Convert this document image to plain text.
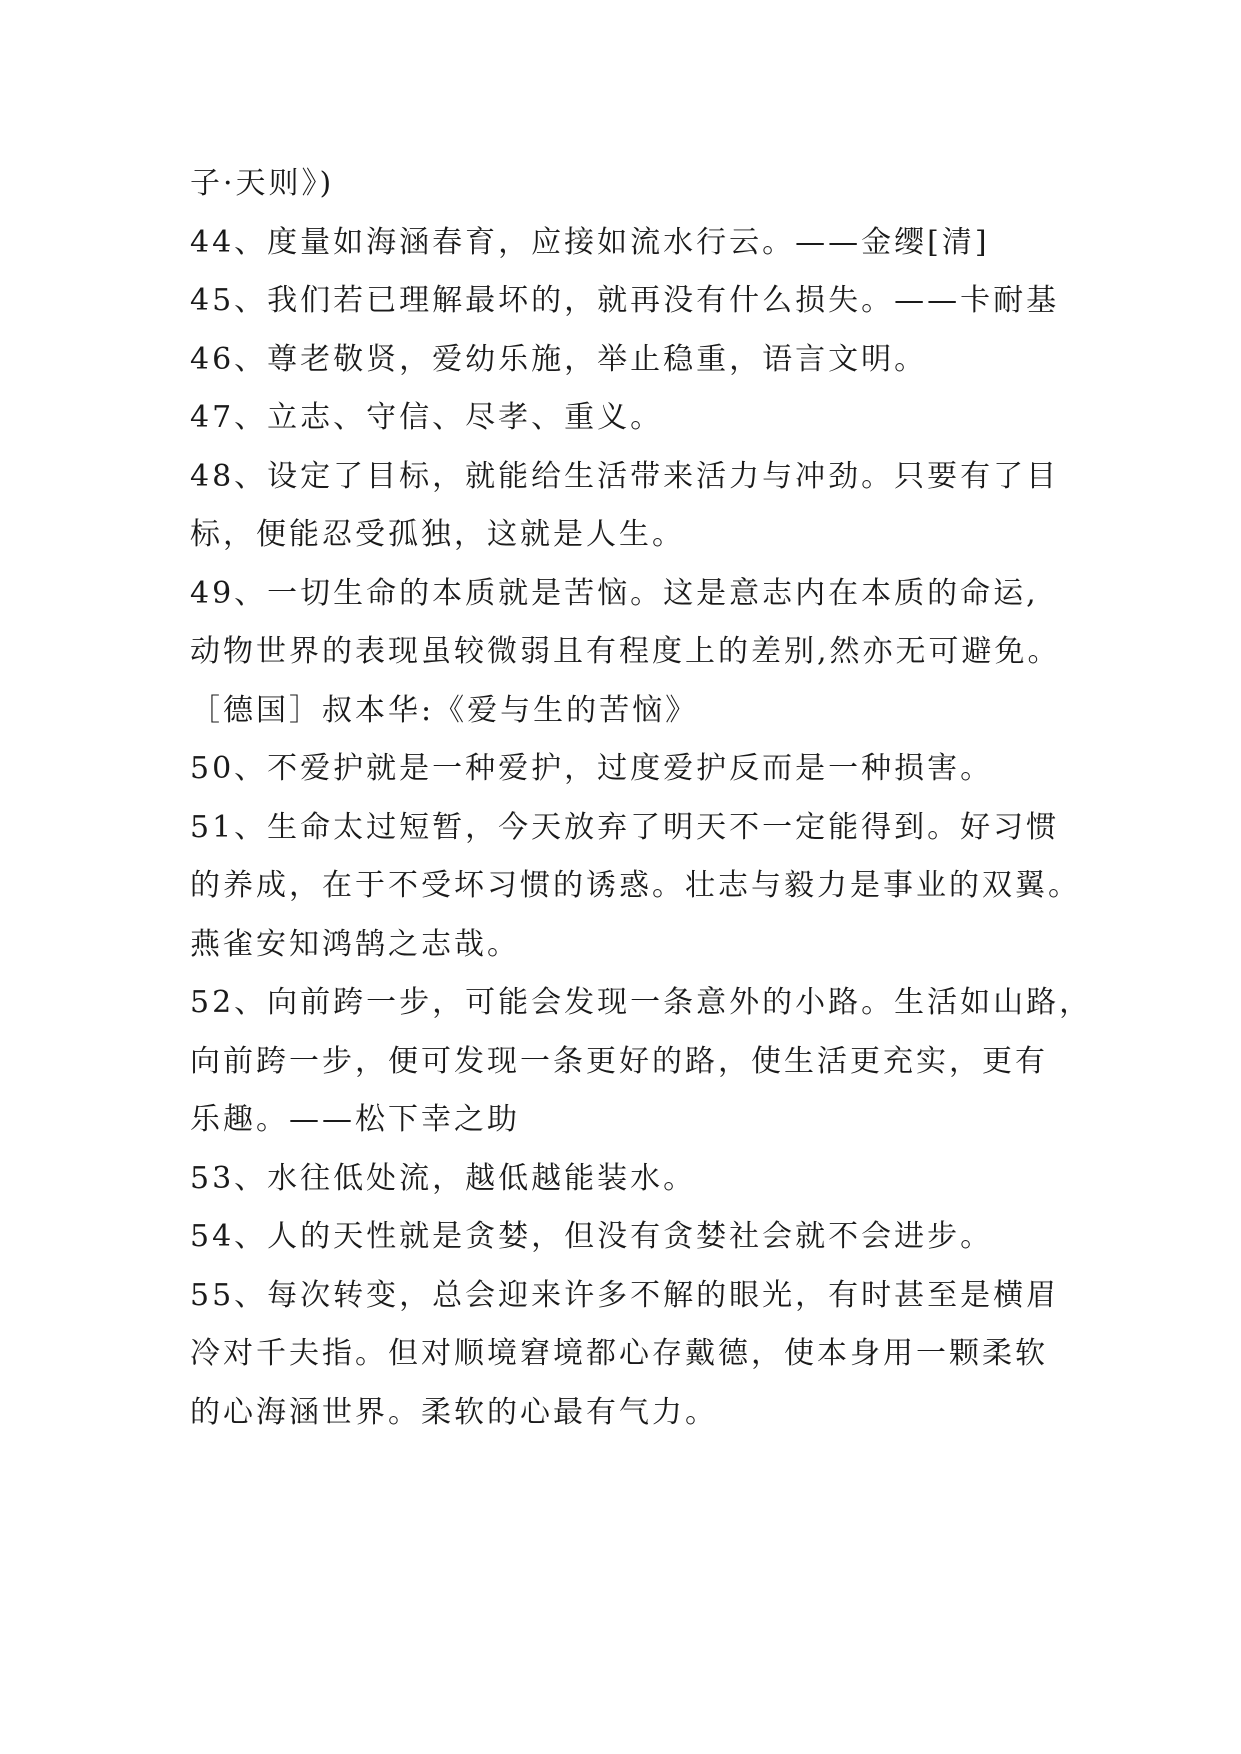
子·天则》)

44、度量如海涵春育，应接如流水行云。——金缨[清]

45、我们若已理解最坏的，就再没有什么损失。——卡耐基

46、尊老敬贤，爱幼乐施，举止稳重，语言文明。

47、立志、守信、尽孝、重义。

48、设定了目标，就能给生活带来活力与冲劲。只要有了目

标，便能忍受孤独，这就是人生。

49、一切生命的本质就是苦恼。这是意志内在本质的命运,

动物世界的表现虽较微弱且有程度上的差别,然亦无可避免。

［德国］叔本华:《爱与生的苦恼》

50、不爱护就是一种爱护，过度爱护反而是一种损害。

51、生命太过短暂，今天放弃了明天不一定能得到。好习惯

的养成，在于不受坏习惯的诱惑。壮志与毅力是事业的双翼。

燕雀安知鸿鹄之志哉。

52、向前跨一步，可能会发现一条意外的小路。生活如山路，

向前跨一步，便可发现一条更好的路，使生活更充实，更有

乐趣。——松下幸之助

53、水往低处流，越低越能装水。

54、人的天性就是贪婪，但没有贪婪社会就不会进步。

55、每次转变，总会迎来许多不解的眼光，有时甚至是横眉

冷对千夫指。但对顺境窘境都心存戴德，使本身用一颗柔软

的心海涵世界。柔软的心最有气力。
